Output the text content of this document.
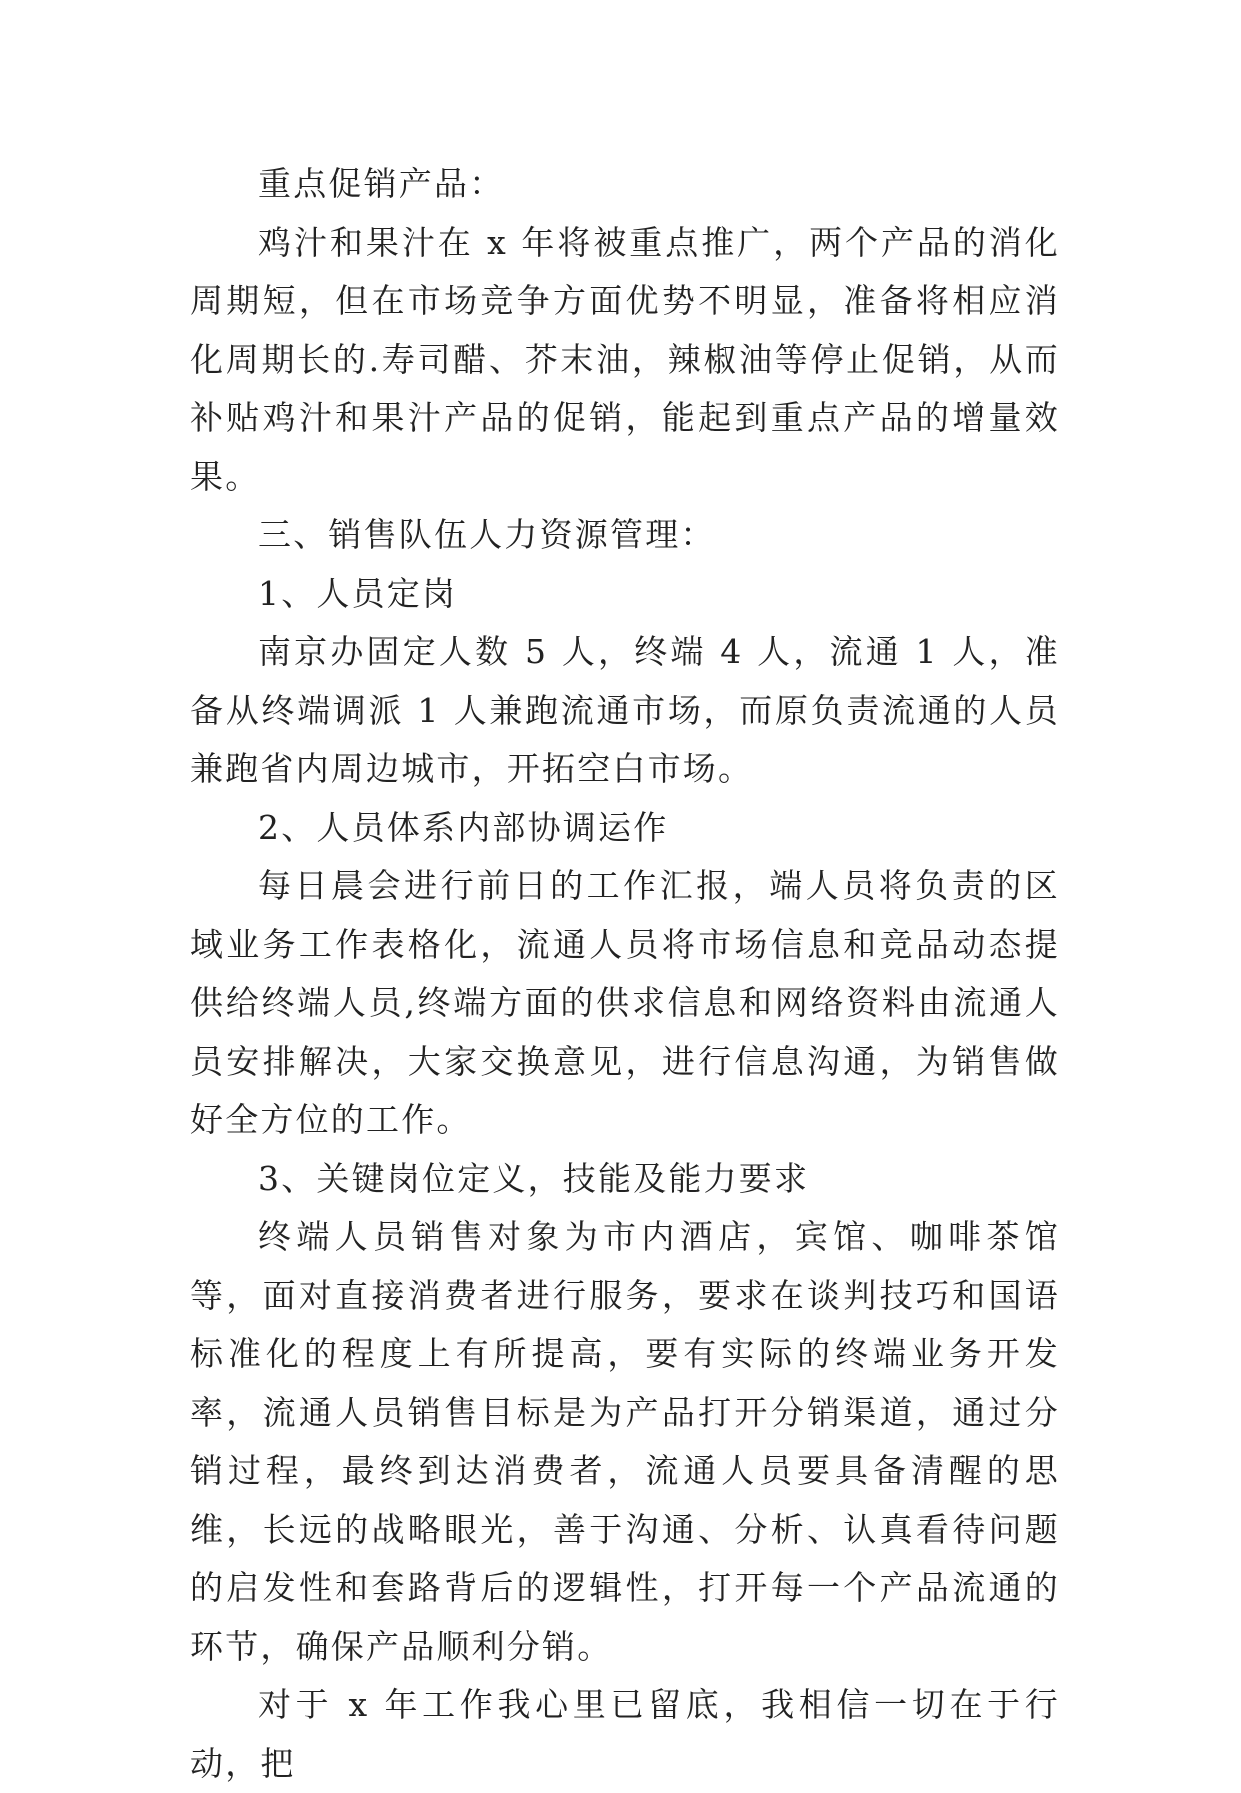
重点促销产品：

鸡汁和果汁在 x 年将被重点推广，两个产品的消化周期短，但在市场竞争方面优势不明显，准备将相应消化周期长的.寿司醋、芥末油，辣椒油等停止促销，从而补贴鸡汁和果汁产品的促销，能起到重点产品的增量效果。

三、销售队伍人力资源管理：

1、人员定岗

南京办固定人数 5 人，终端 4 人，流通 1 人，准备从终端调派 1 人兼跑流通市场，而原负责流通的人员兼跑省内周边城市，开拓空白市场。

2、人员体系内部协调运作

每日晨会进行前日的工作汇报，端人员将负责的区域业务工作表格化，流通人员将市场信息和竞品动态提供给终端人员,终端方面的供求信息和网络资料由流通人员安排解决，大家交换意见，进行信息沟通，为销售做好全方位的工作。

3、关键岗位定义，技能及能力要求

终端人员销售对象为市内酒店，宾馆、咖啡茶馆等，面对直接消费者进行服务，要求在谈判技巧和国语标准化的程度上有所提高，要有实际的终端业务开发率，流通人员销售目标是为产品打开分销渠道，通过分销过程，最终到达消费者，流通人员要具备清醒的思维，长远的战略眼光，善于沟通、分析、认真看待问题的启发性和套路背后的逻辑性，打开每一个产品流通的环节，确保产品顺利分销。

对于 x 年工作我心里已留底，我相信一切在于行动，把
